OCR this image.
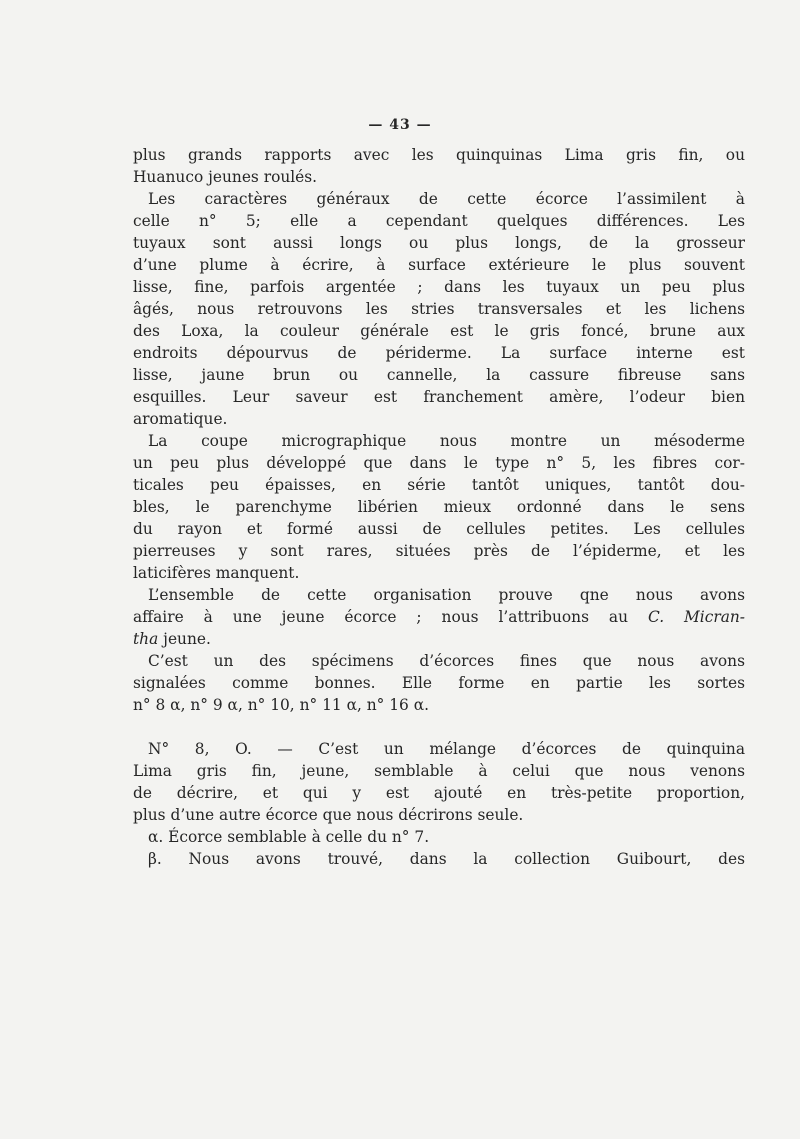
— 43 —
plus grands rapports avec les quinquinas Lima gris fin, ou
Huanuco jeunes roulés.
Les caractères généraux de cette écorce l’assimilent à
celle n° 5; elle a cependant quelques différences. Les
tuyaux sont aussi longs ou plus longs, de la grosseur
d’une plume à écrire, à surface extérieure le plus souvent
lisse, fine, parfois argentée ; dans les tuyaux un peu plus
âgés, nous retrouvons les stries transversales et les lichens
des Loxa, la couleur générale est le gris foncé, brune aux
endroits dépourvus de périderme. La surface interne est
lisse, jaune brun ou cannelle, la cassure fibreuse sans
esquilles. Leur saveur est franchement amère, l’odeur bien
aromatique.
La coupe micrographique nous montre un mésoderme
un peu plus développé que dans le type n° 5, les fibres cor-
ticales peu épaisses, en série tantôt uniques, tantôt dou-
bles, le parenchyme libérien mieux ordonné dans le sens
du rayon et formé aussi de cellules petites. Les cellules
pierreuses y sont rares, situées près de l’épiderme, et les
laticifères manquent.
L’ensemble de cette organisation prouve qne nous avons
affaire à une jeune écorce ; nous l’attribuons au C. Micran-
tha jeune.
C’est un des spécimens d’écorces fines que nous avons
signalées comme bonnes. Elle forme en partie les sortes
n° 8 α, n° 9 α, n° 10, n° 11 α, n° 16 α.
N° 8, O. — C’est un mélange d’écorces de quinquina
Lima gris fin, jeune, semblable à celui que nous venons
de décrire, et qui y est ajouté en très-petite proportion,
plus d’une autre écorce que nous décrirons seule.
α. Écorce semblable à celle du n° 7.
β. Nous avons trouvé, dans la collection Guibourt, des
